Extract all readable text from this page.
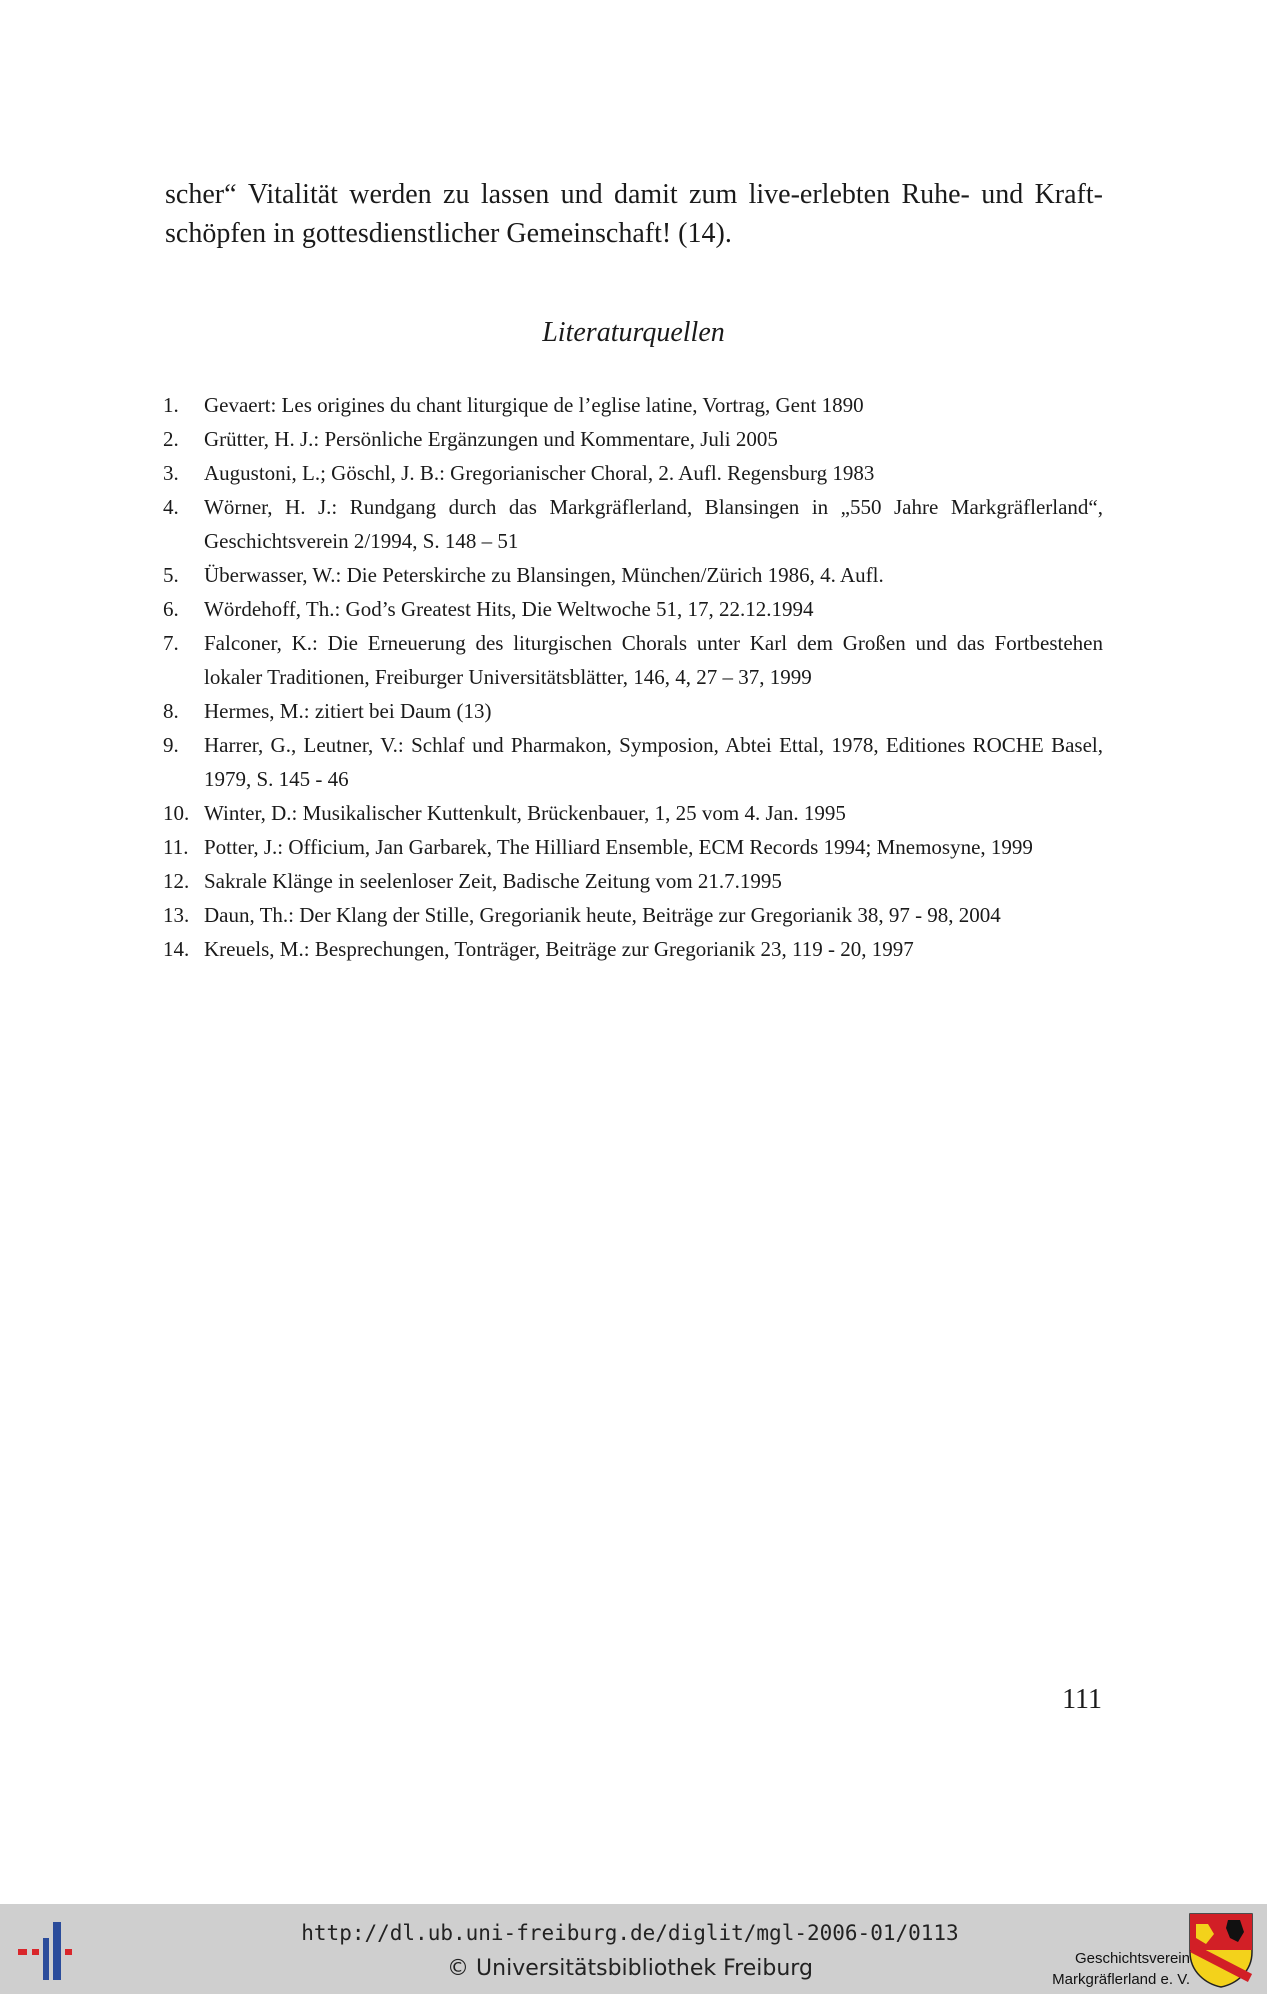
scher“ Vitalität werden zu lassen und damit zum live-erlebten Ruhe- und Kraft-
schöpfen in gottesdienstlicher Gemeinschaft! (14).
Literaturquellen
1.	Gevaert: Les origines du chant liturgique de l’eglise latine, Vortrag, Gent 1890
2.	Grütter, H. J.: Persönliche Ergänzungen und Kommentare, Juli 2005
3.	Augustoni, L.; Göschl, J. B.: Gregorianischer Choral, 2. Aufl. Regensburg 1983
4.	Wörner, H. J.: Rundgang durch das Markgräflerland, Blansingen in „550 Jahre Markgräflerland“, Geschichtsverein 2/1994, S. 148 – 51
5.	Überwasser, W.: Die Peterskirche zu Blansingen, München/Zürich 1986, 4. Aufl.
6.	Wördehoff, Th.: God’s Greatest Hits, Die Weltwoche 51, 17, 22.12.1994
7.	Falconer, K.: Die Erneuerung des liturgischen Chorals unter Karl dem Großen und das Fortbestehen lokaler Traditionen, Freiburger Universitätsblätter, 146, 4, 27 – 37, 1999
8.	Hermes, M.: zitiert bei Daum (13)
9.	Harrer, G., Leutner, V.: Schlaf und Pharmakon, Symposion, Abtei Ettal, 1978, Editiones ROCHE Basel, 1979, S. 145 - 46
10. Winter, D.: Musikalischer Kuttenkult, Brückenbauer, 1, 25 vom 4. Jan. 1995
11. Potter, J.: Officium, Jan Garbarek, The Hilliard Ensemble, ECM Records 1994; Mnemosyne, 1999
12. Sakrale Klänge in seelenloser Zeit, Badische Zeitung vom 21.7.1995
13. Daun, Th.: Der Klang der Stille, Gregorianik heute, Beiträge zur Gregorianik 38, 97 - 98, 2004
14. Kreuels, M.: Besprechungen, Tonträger, Beiträge zur Gregorianik 23, 119 - 20, 1997
111
http://dl.ub.uni-freiburg.de/diglit/mgl-2006-01/0113
© Universitätsbibliothek Freiburg	Geschichtsverein
Markgräflerland e. V.
